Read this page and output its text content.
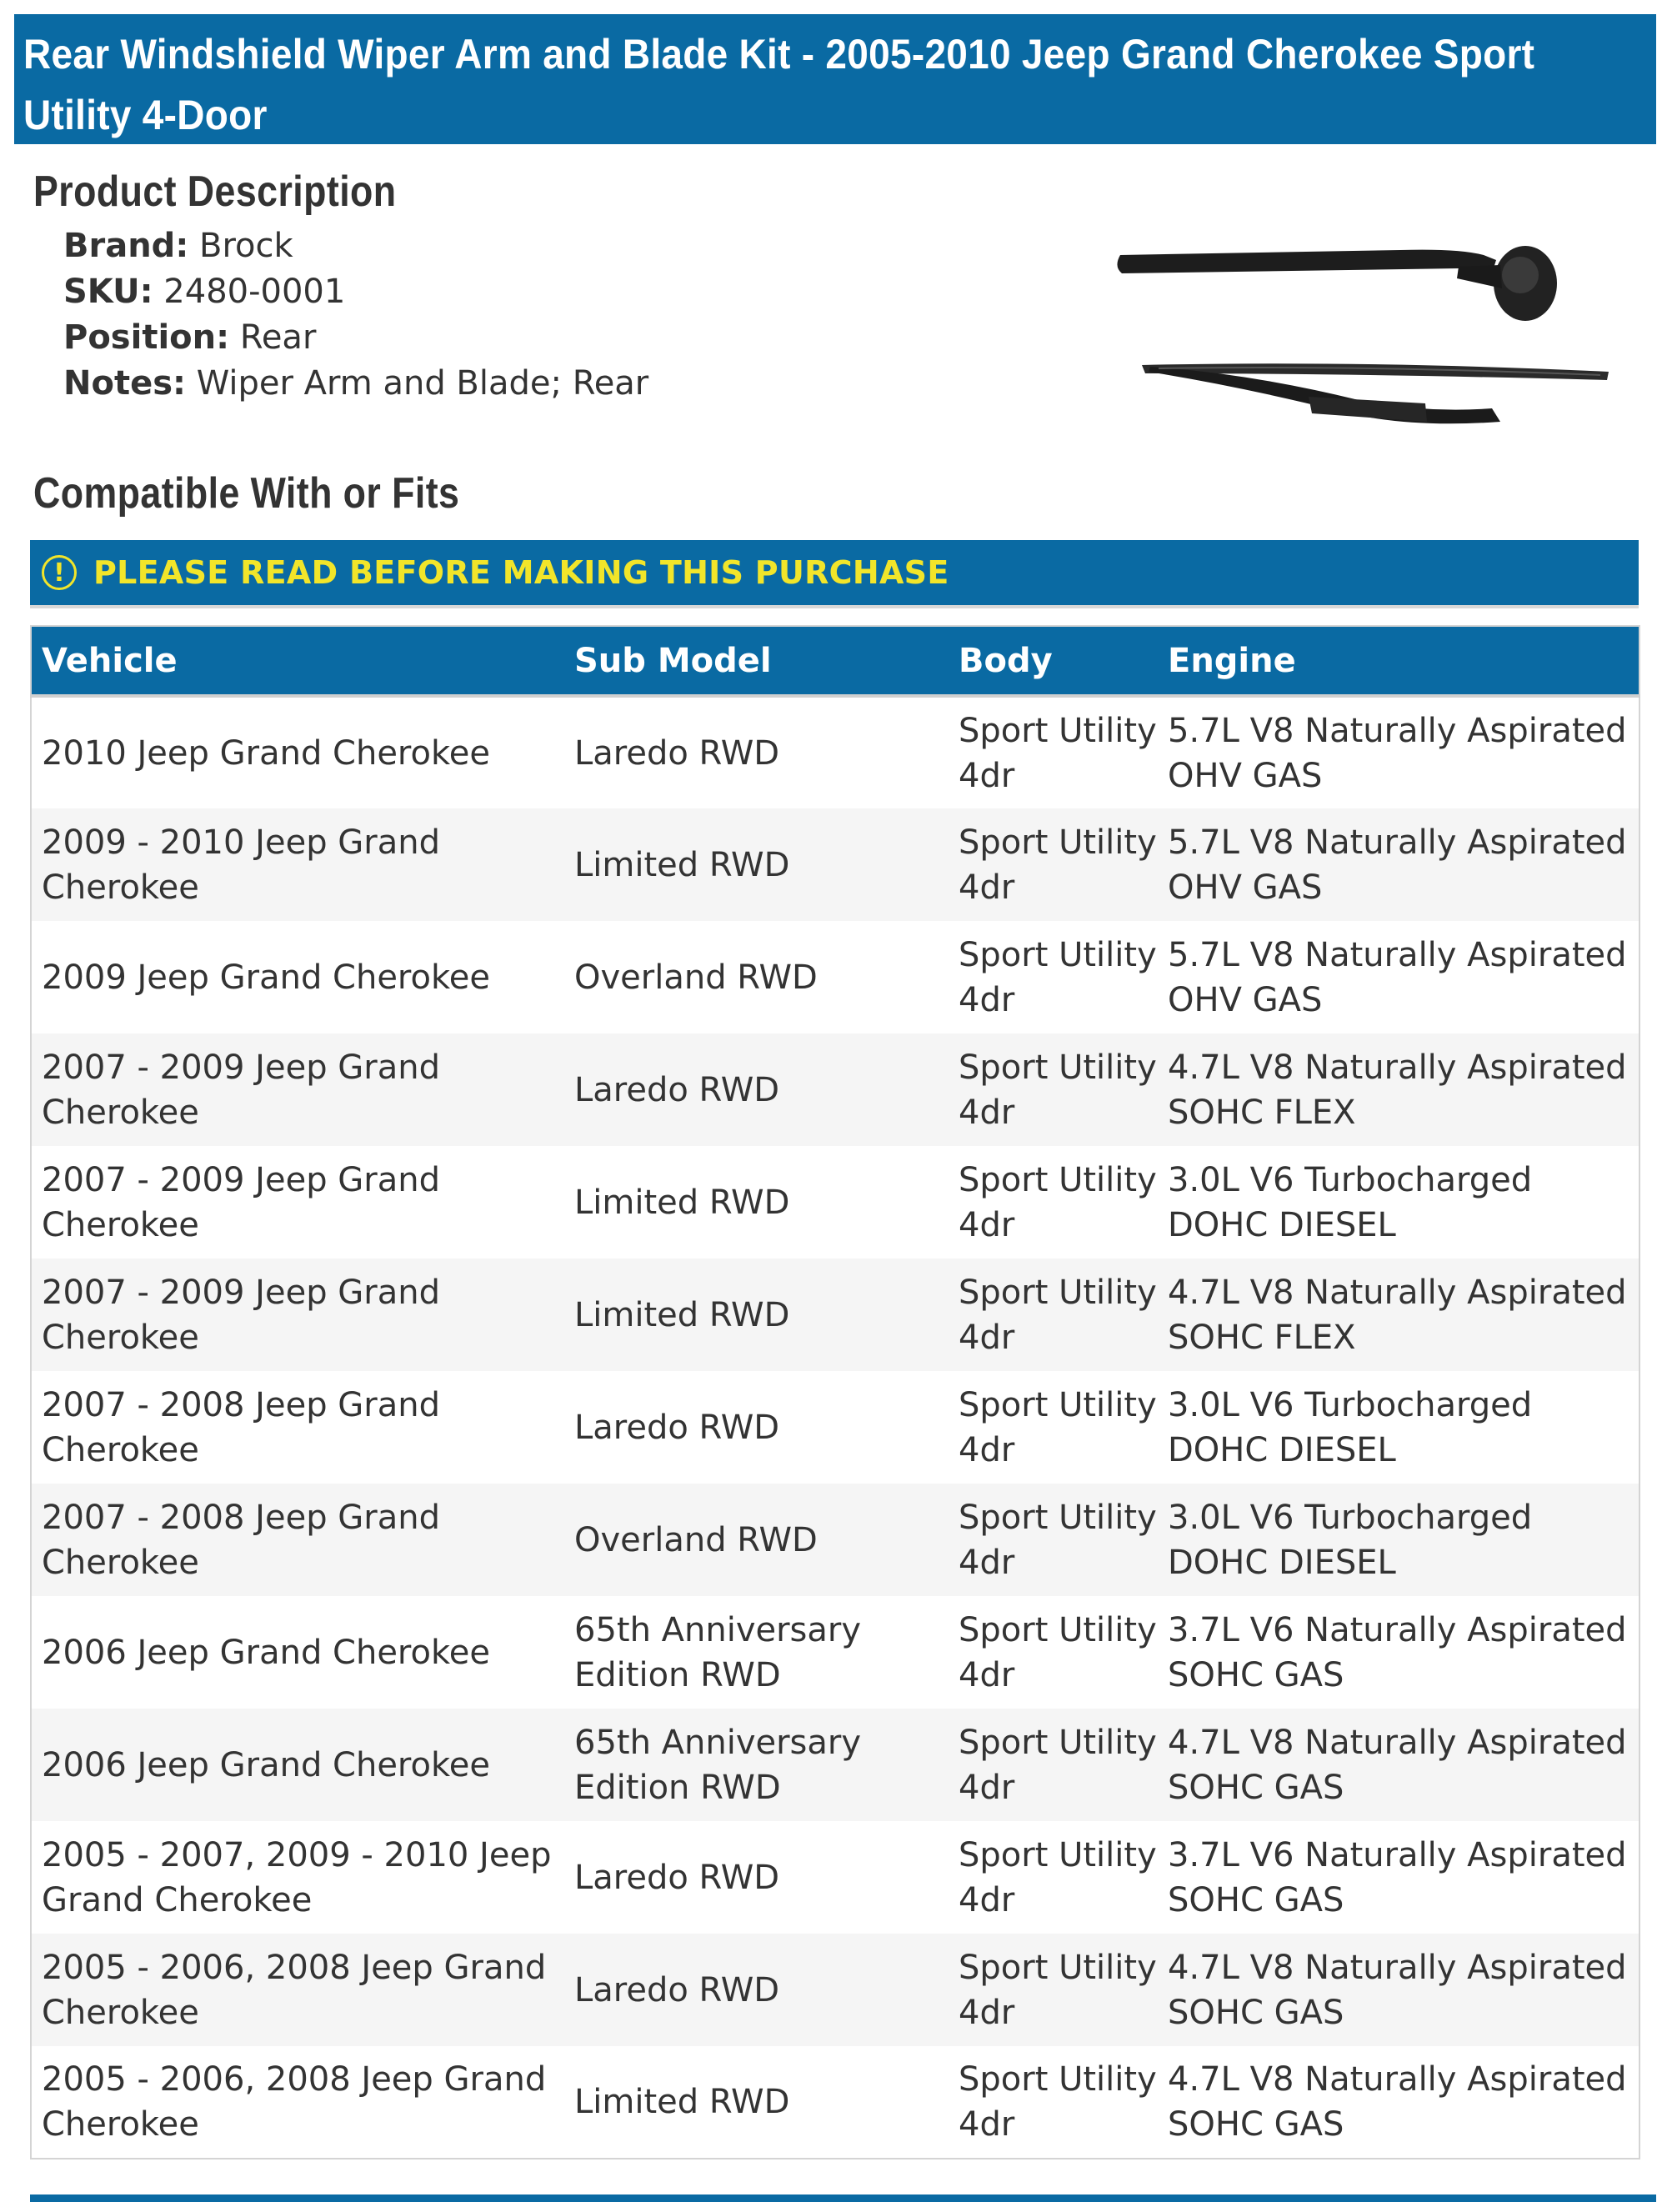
Rear Windshield Wiper Arm and Blade Kit - 2005-2010 Jeep Grand Cherokee Sport Utility 4-Door
Product Description
Brand: Brock
SKU: 2480-0001
Position: Rear
Notes: Wiper Arm and Blade; Rear
Compatible With or Fits
! PLEASE READ BEFORE MAKING THIS PURCHASE
Vehicle	Sub Model	Body	Engine
2010 Jeep Grand Cherokee	Laredo RWD	Sport Utility 4dr	5.7L V8 Naturally Aspirated OHV GAS
2009 - 2010 Jeep Grand Cherokee	Limited RWD	Sport Utility 4dr	5.7L V8 Naturally Aspirated OHV GAS
2009 Jeep Grand Cherokee	Overland RWD	Sport Utility 4dr	5.7L V8 Naturally Aspirated OHV GAS
2007 - 2009 Jeep Grand Cherokee	Laredo RWD	Sport Utility 4dr	4.7L V8 Naturally Aspirated SOHC FLEX
2007 - 2009 Jeep Grand Cherokee	Limited RWD	Sport Utility 4dr	3.0L V6 Turbocharged DOHC DIESEL
2007 - 2009 Jeep Grand Cherokee	Limited RWD	Sport Utility 4dr	4.7L V8 Naturally Aspirated SOHC FLEX
2007 - 2008 Jeep Grand Cherokee	Laredo RWD	Sport Utility 4dr	3.0L V6 Turbocharged DOHC DIESEL
2007 - 2008 Jeep Grand Cherokee	Overland RWD	Sport Utility 4dr	3.0L V6 Turbocharged DOHC DIESEL
2006 Jeep Grand Cherokee	65th Anniversary Edition RWD	Sport Utility 4dr	3.7L V6 Naturally Aspirated SOHC GAS
2006 Jeep Grand Cherokee	65th Anniversary Edition RWD	Sport Utility 4dr	4.7L V8 Naturally Aspirated SOHC GAS
2005 - 2007, 2009 - 2010 Jeep Grand Cherokee	Laredo RWD	Sport Utility 4dr	3.7L V6 Naturally Aspirated SOHC GAS
2005 - 2006, 2008 Jeep Grand Cherokee	Laredo RWD	Sport Utility 4dr	4.7L V8 Naturally Aspirated SOHC GAS
2005 - 2006, 2008 Jeep Grand Cherokee	Limited RWD	Sport Utility 4dr	4.7L V8 Naturally Aspirated SOHC GAS
